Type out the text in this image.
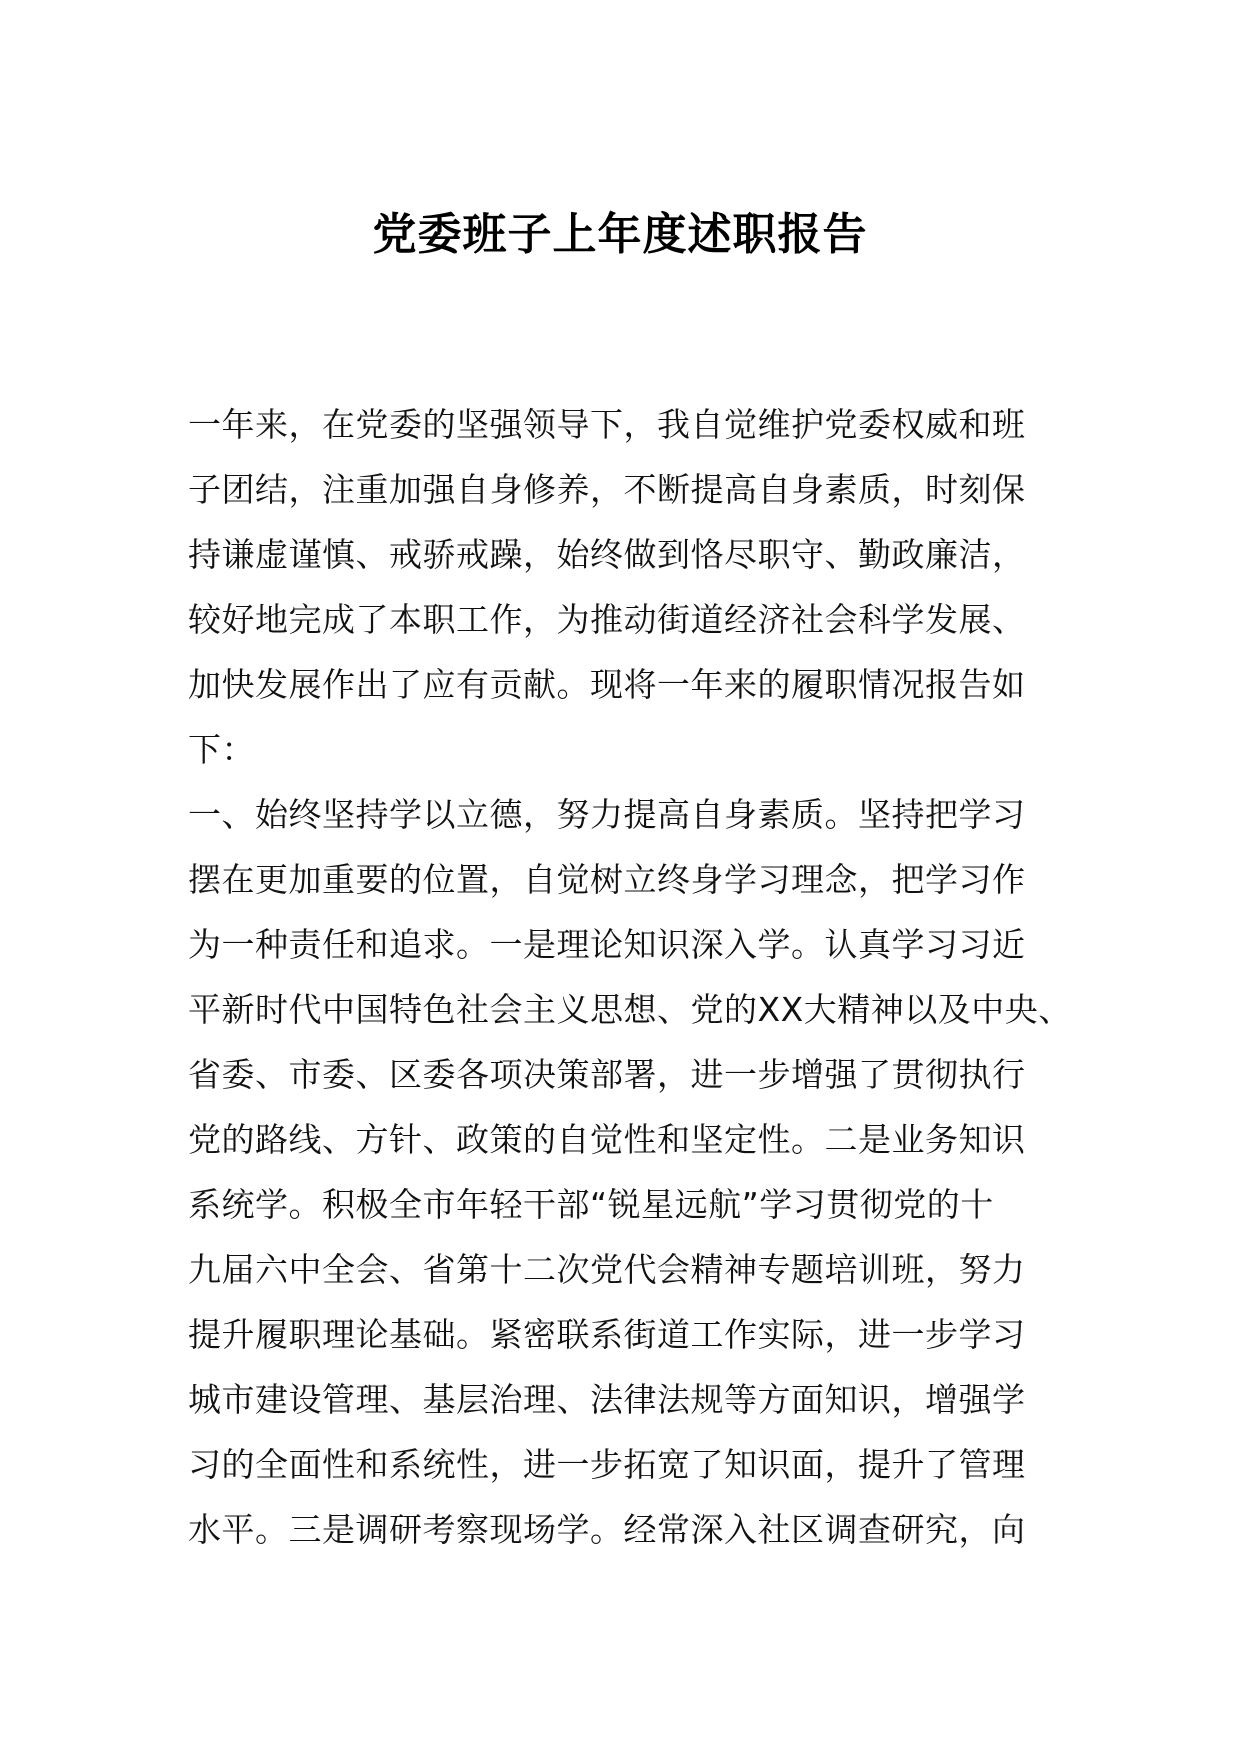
党委班子上年度述职报告
一年来，在党委的坚强领导下，我自觉维护党委权威和班
子团结，注重加强自身修养，不断提高自身素质，时刻保
持谦虚谨慎、戒骄戒躁，始终做到恪尽职守、勤政廉洁，
较好地完成了本职工作，为推动街道经济社会科学发展、
加快发展作出了应有贡献。现将一年来的履职情况报告如
下：
一、始终坚持学以立德，努力提高自身素质。坚持把学习
摆在更加重要的位置，自觉树立终身学习理念，把学习作
为一种责任和追求。一是理论知识深入学。认真学习习近
平新时代中国特色社会主义思想、党的XX大精神以及中央、
省委、市委、区委各项决策部署，进一步增强了贯彻执行
党的路线、方针、政策的自觉性和坚定性。二是业务知识
系统学。积极全市年轻干部“锐星远航”学习贯彻党的十
九届六中全会、省第十二次党代会精神专题培训班，努力
提升履职理论基础。紧密联系街道工作实际，进一步学习
城市建设管理、基层治理、法律法规等方面知识，增强学
习的全面性和系统性，进一步拓宽了知识面，提升了管理
水平。三是调研考察现场学。经常深入社区调查研究，向
